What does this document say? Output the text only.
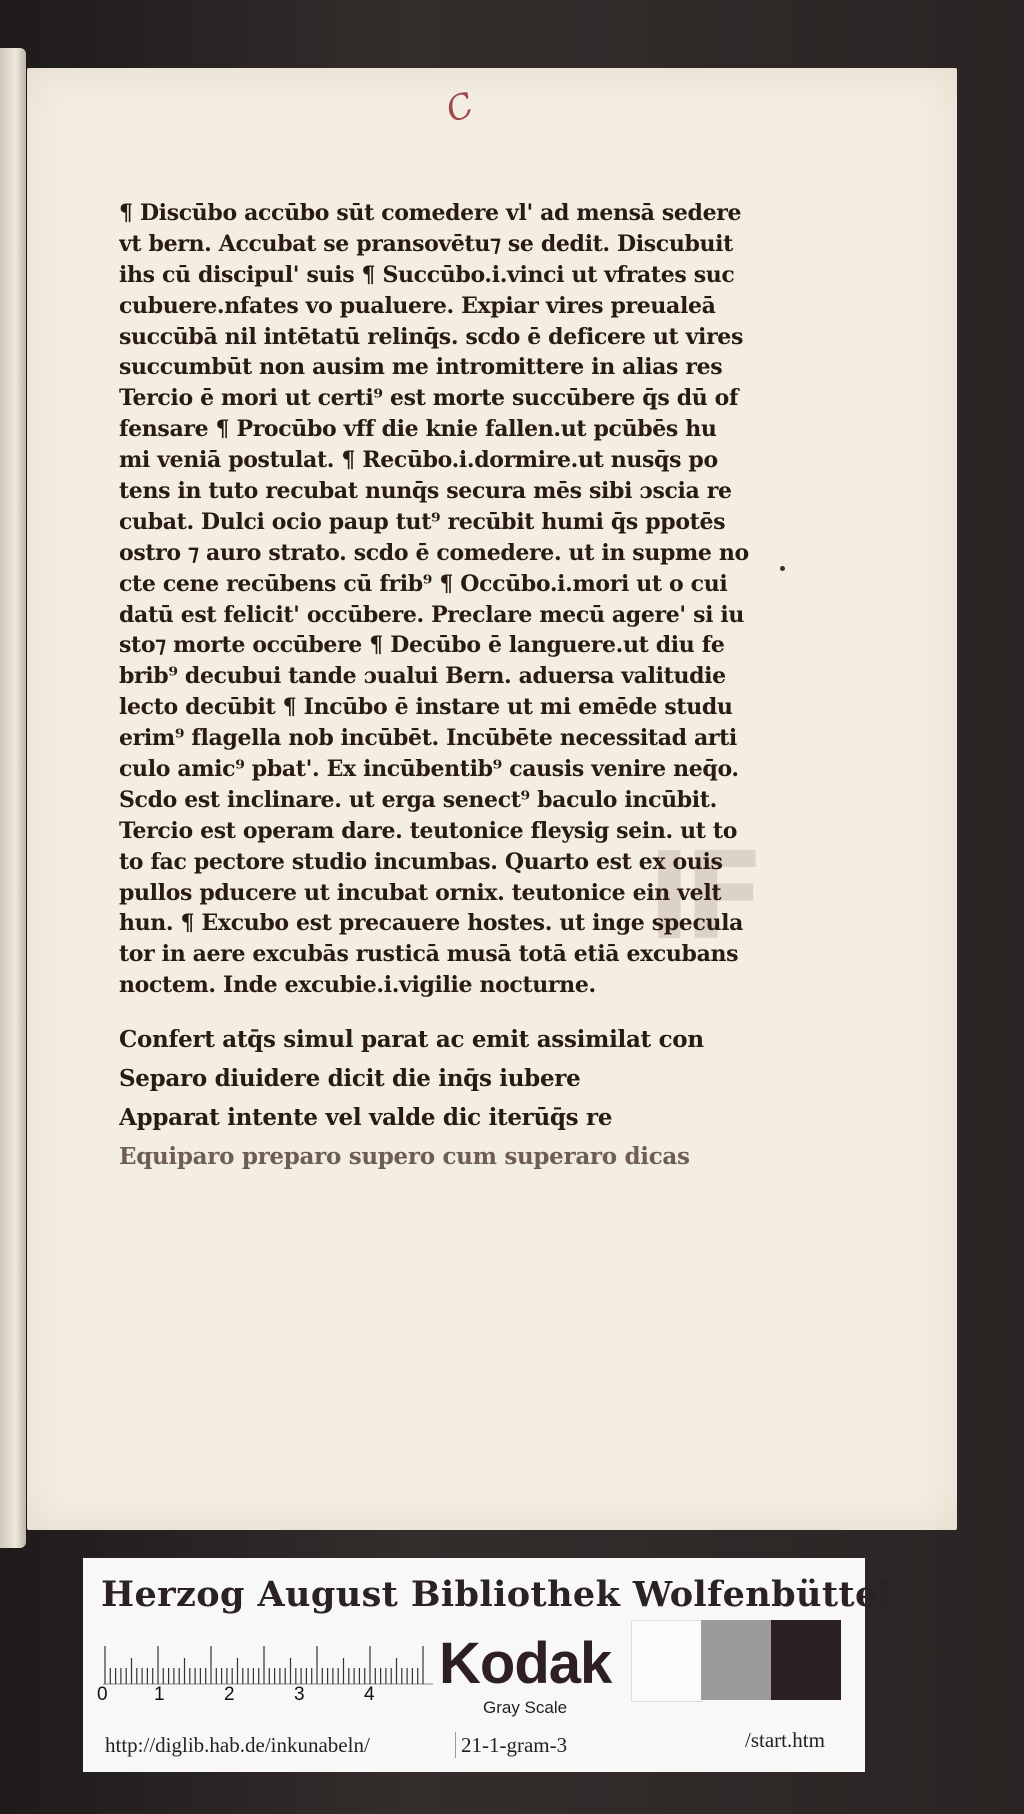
C
IF
¶ Discūbo accūbo sūt comedere vl' ad mensā sedere
vt bern. Accubat se pransovētu⁊ se dedit. Discubuit
ihs cū discipul' suis ¶ Succūbo.i.vinci ut vfrates suc
cubuere.nfates vo pualuere. Expiar vires preualeā
succūbā nil intētatū relinq̄s. scdo ē deficere ut vires
succumbūt non ausim me intromittere in alias res
Tercio ē mori ut certi⁹ est morte succūbere q̄s dū of
fensare ¶ Procūbo vff die knie fallen.ut pcūbēs hu
mi veniā postulat. ¶ Recūbo.i.dormire.ut nusq̄s po
tens in tuto recubat nunq̄s secura mēs sibi ɔscia re
cubat. Dulci ocio paup tut⁹ recūbit humi q̄s ppotēs
ostro ⁊ auro strato. scdo ē comedere. ut in supme no
cte cene recūbens cū frib⁹ ¶ Occūbo.i.mori ut o cui
datū est felicit' occūbere. Preclare mecū agere' si iu
sto⁊ morte occūbere ¶ Decūbo ē languere.ut diu fe
brib⁹ decubui tande ɔualui Bern. aduersa valitudie
lecto decūbit ¶ Incūbo ē instare ut mi emēde studu
erim⁹ flagella nob incūbēt. Incūbēte necessitad arti
culo amic⁹ pbat'. Ex incūbentib⁹ causis venire neq̄o.
Scdo est inclinare. ut erga senect⁹ baculo incūbit.
Tercio est operam dare. teutonice fleysig sein. ut to
to fac pectore studio incumbas. Quarto est ex ouis
pullos pducere ut incubat ornix. teutonice ein velt
hun. ¶ Excubo est precauere hostes. ut inge specula
tor in aere excubās rusticā musā totā etiā excubans
noctem. Inde excubie.i.vigilie nocturne.
Confert atq̄s simul parat ac emit assimilat con
Separo diuidere dicit die inq̄s iubere
Apparat intente vel valde dic iterūq̄s re
Equiparo preparo supero cum superaro dicas
Herzog August Bibliothek Wolfenbüttel
0 1	2	3	4 Kodak
Gray Scale
http://diglib.hab.de/inkunabeln/	21-1-gram-3	/start.htm
